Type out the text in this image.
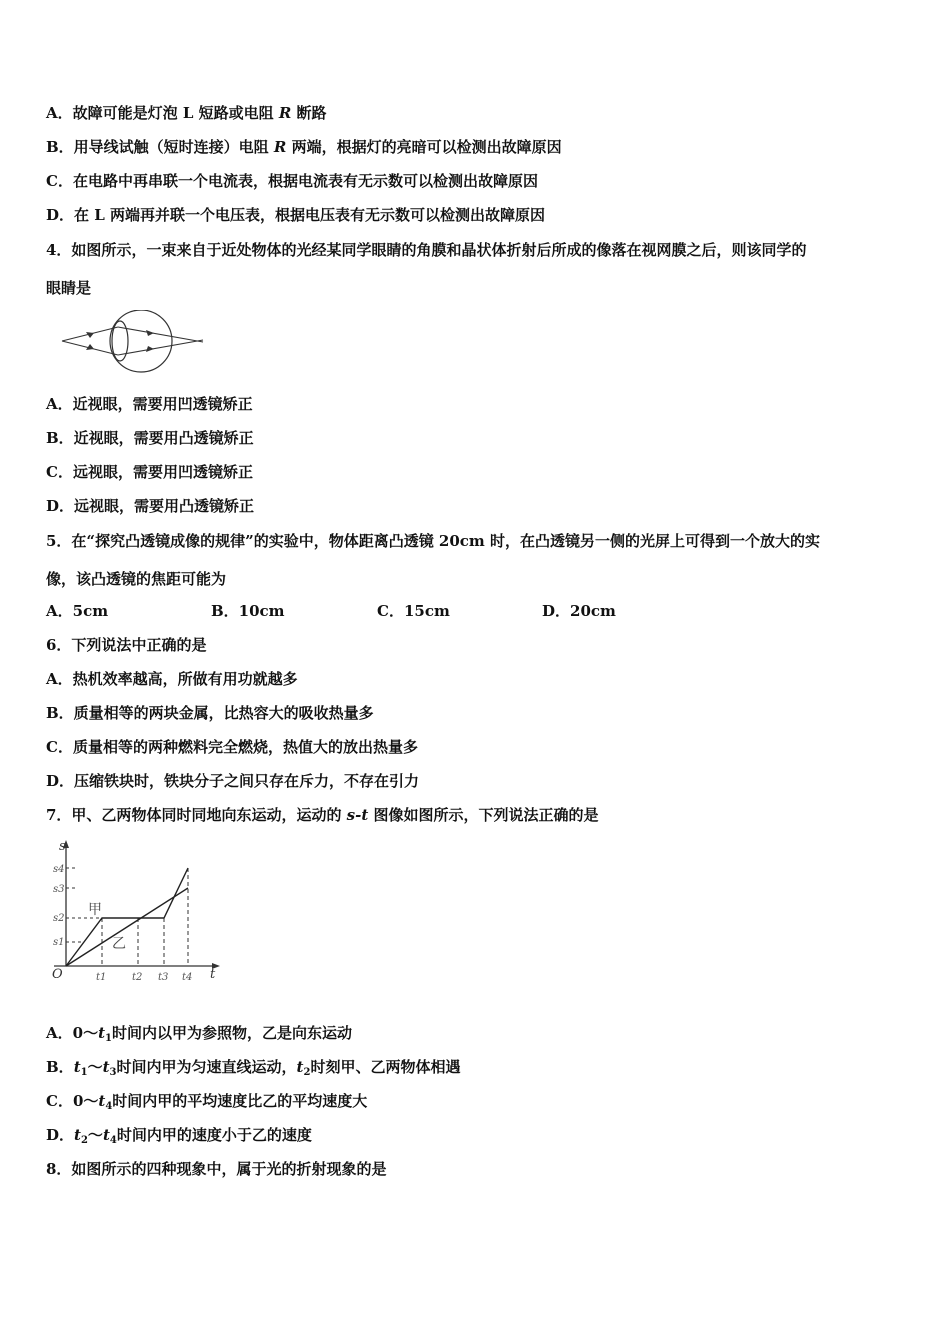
A．故障可能是灯泡 L 短路或电阻 R 断路
B．用导线试触（短时连接）电阻 R 两端，根据灯的亮暗可以检测出故障原因
C．在电路中再串联一个电流表，根据电流表有无示数可以检测出故障原因
D．在 L 两端再并联一个电压表，根据电压表有无示数可以检测出故障原因
4．如图所示，一束来自于近处物体的光经某同学眼睛的角膜和晶状体折射后所成的像落在视网膜之后，则该同学的
眼睛是
A．近视眼，需要用凹透镜矫正
B．近视眼，需要用凸透镜矫正
C．远视眼，需要用凹透镜矫正
D．远视眼，需要用凸透镜矫正
5．在“探究凸透镜成像的规律”的实验中，物体距离凸透镜 20cm 时，在凸透镜另一侧的光屏上可得到一个放大的实
像，该凸透镜的焦距可能为
A．5cm	B．10cm	C．15cm	D．20cm
6．下列说法中正确的是
A．热机效率越高，所做有用功就越多
B．质量相等的两块金属，比热容大的吸收热量多
C．质量相等的两种燃料完全燃烧，热值大的放出热量多
D．压缩铁块时，铁块分子之间只存在斥力，不存在引力
7．甲、乙两物体同时同地向东运动，运动的 s-t 图像如图所示，下列说法正确的是
s
t
O
s1
s2
s3
s4
t1	t2 t3 t4
甲
乙
A．$0\sim t_1$时间内以甲为参照物，乙是向东运动
B．$t_1\sim t_3$时间内甲为匀速直线运动，$t_2$时刻甲、乙两物体相遇
C．$0\sim t_4$时间内甲的平均速度比乙的平均速度大
D．$t_2\sim t_4$时间内甲的速度小于乙的速度
8．如图所示的四种现象中，属于光的折射现象的是
